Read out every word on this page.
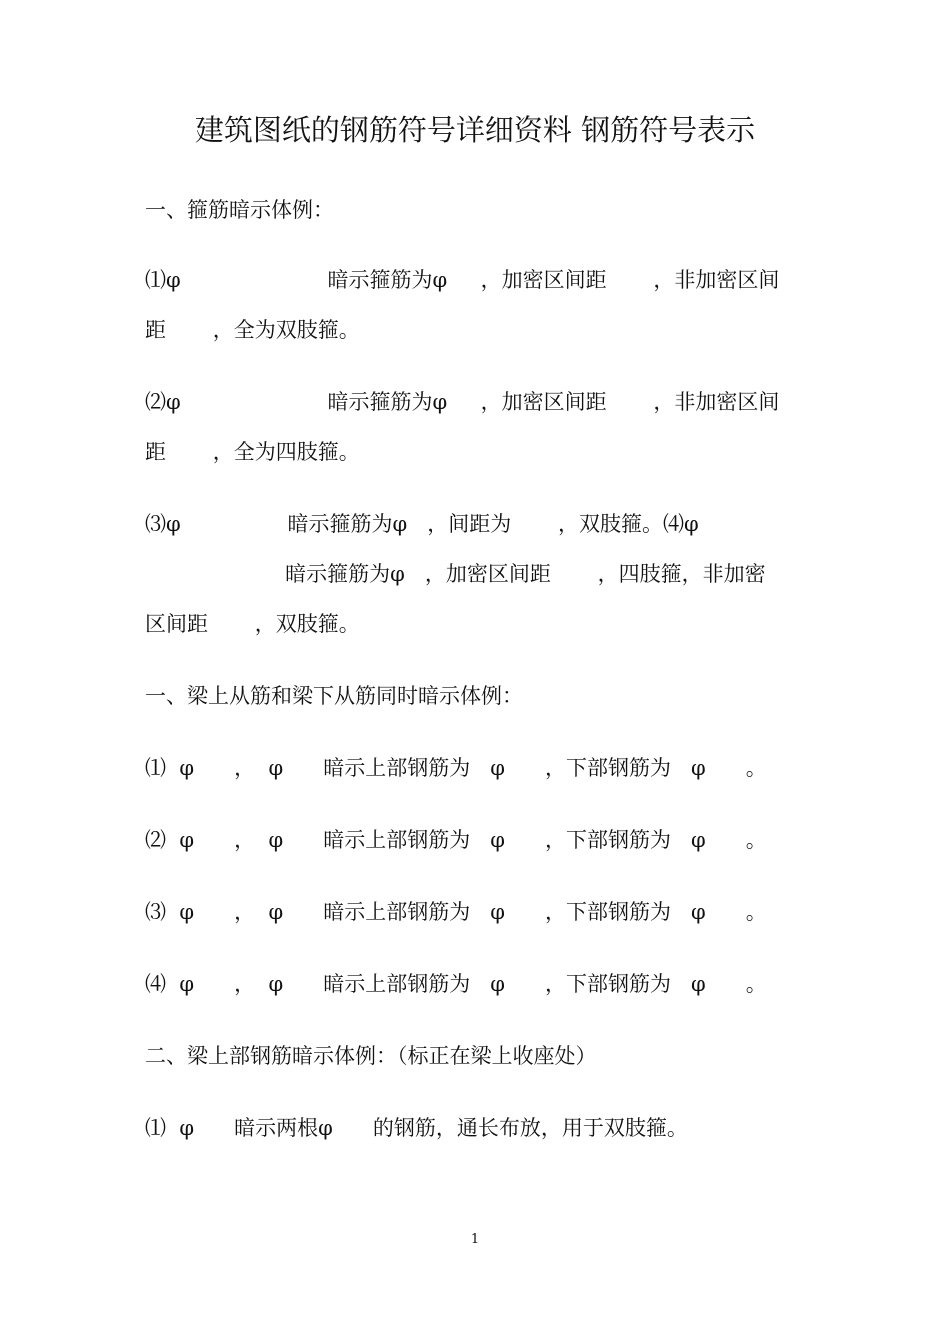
建筑图纸的钢筋符号详细资料 钢筋符号表示
一、箍筋暗示体例：
⑴φ                      暗示箍筋为φ     ，加密区间距       ，非加密区间
距       ，全为双肢箍。
⑵φ                      暗示箍筋为φ     ，加密区间距       ，非加密区间
距       ，全为四肢箍。
⑶φ                暗示箍筋为φ   ，间距为       ，双肢箍。⑷φ
暗示箍筋为φ   ，加密区间距       ，四肢箍，非加密
区间距       ，双肢箍。
一、梁上从筋和梁下从筋同时暗示体例：
⑴  φ      ，  φ      暗示上部钢筋为   φ      ，下部钢筋为   φ      。
⑵  φ      ，  φ      暗示上部钢筋为   φ      ，下部钢筋为   φ      。
⑶  φ      ，  φ      暗示上部钢筋为   φ      ，下部钢筋为   φ      。
⑷  φ      ，  φ      暗示上部钢筋为   φ      ，下部钢筋为   φ      。
二、梁上部钢筋暗示体例：（标正在梁上收座处）
⑴  φ      暗示两根φ      的钢筋，通长布放，用于双肢箍。
1
